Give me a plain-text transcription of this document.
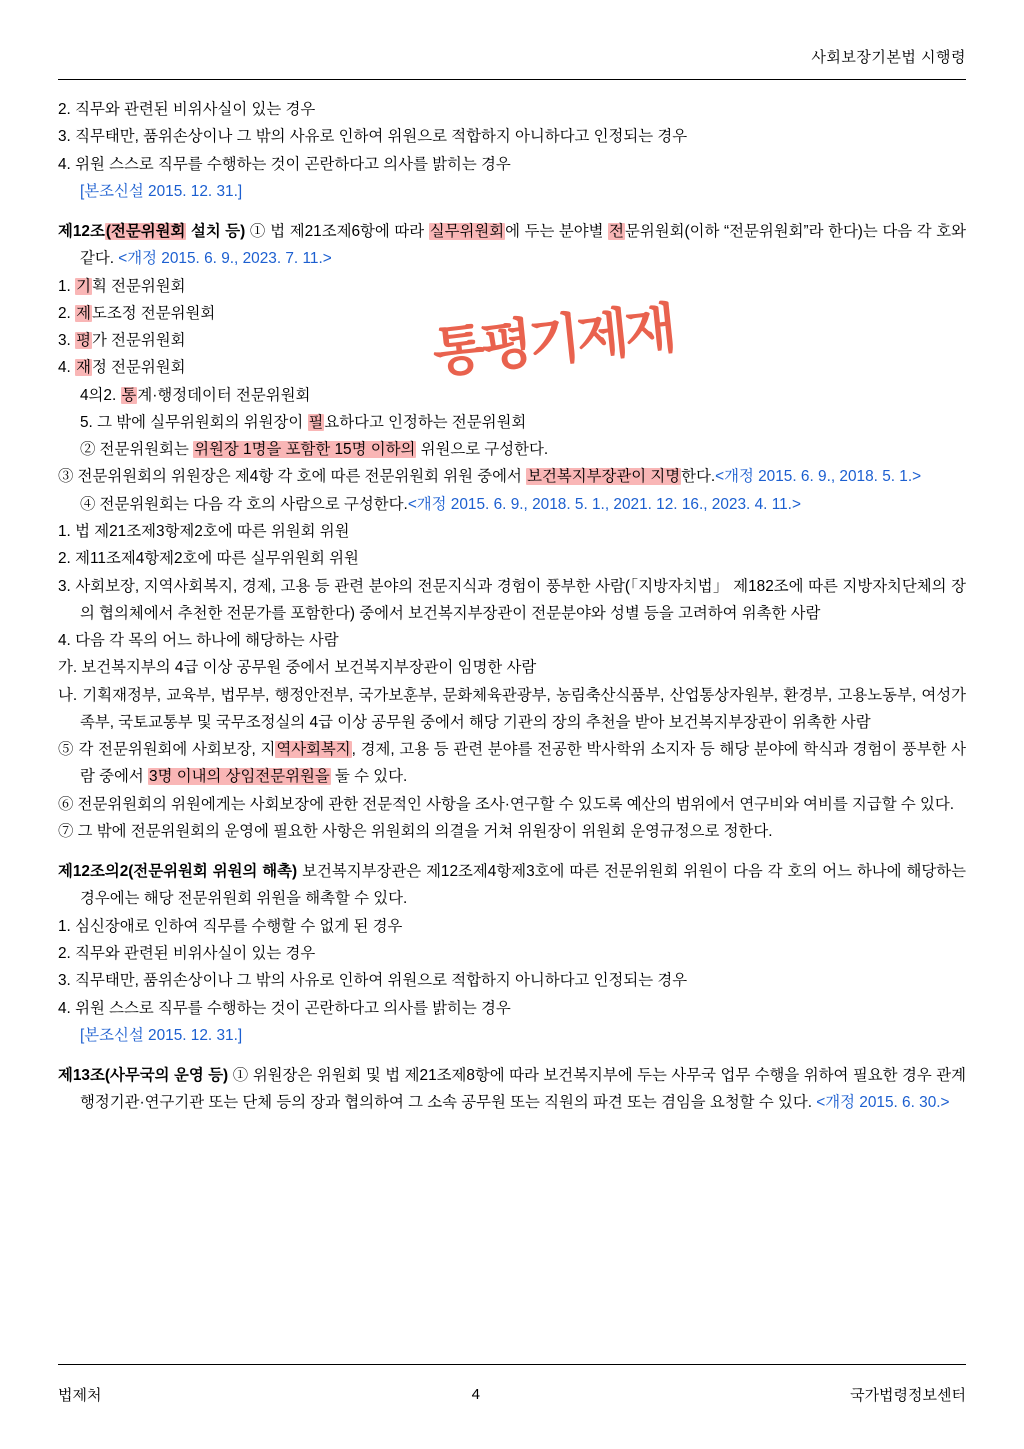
사회보장기본법 시행령
2. 직무와 관련된 비위사실이 있는 경우
3. 직무태만, 품위손상이나 그 밖의 사유로 인하여 위원으로 적합하지 아니하다고 인정되는 경우
4. 위원 스스로 직무를 수행하는 것이 곤란하다고 의사를 밝히는 경우
[본조신설 2015. 12. 31.]
제12조(전문위원회 설치 등) ① 법 제21조제6항에 따라 실무위원회에 두는 분야별 전문위원회(이하 “전문위원회”라 한다)는 다음 각 호와 같다. <개정 2015. 6. 9., 2023. 7. 11.>
1. 기획 전문위원회
2. 제도조정 전문위원회
3. 평가 전문위원회
4. 재정 전문위원회
4의2. 통계·행정데이터 전문위원회
5. 그 밖에 실무위원회의 위원장이 필요하다고 인정하는 전문위원회
② 전문위원회는 위원장 1명을 포함한 15명 이하의 위원으로 구성한다.
③ 전문위원회의 위원장은 제4항 각 호에 따른 전문위원회 위원 중에서 보건복지부장관이 지명한다.<개정 2015. 6. 9., 2018. 5. 1.>
④ 전문위원회는 다음 각 호의 사람으로 구성한다.<개정 2015. 6. 9., 2018. 5. 1., 2021. 12. 16., 2023. 4. 11.>
1. 법 제21조제3항제2호에 따른 위원회 위원
2. 제11조제4항제2호에 따른 실무위원회 위원
3. 사회보장, 지역사회복지, 경제, 고용 등 관련 분야의 전문지식과 경험이 풍부한 사람(「지방자치법」 제182조에 따른 지방자치단체의 장의 협의체에서 추천한 전문가를 포함한다) 중에서 보건복지부장관이 전문분야와 성별 등을 고려하여 위촉한 사람
4. 다음 각 목의 어느 하나에 해당하는 사람
가. 보건복지부의 4급 이상 공무원 중에서 보건복지부장관이 임명한 사람
나. 기획재정부, 교육부, 법무부, 행정안전부, 국가보훈부, 문화체육관광부, 농림축산식품부, 산업통상자원부, 환경부, 고용노동부, 여성가족부, 국토교통부 및 국무조정실의 4급 이상 공무원 중에서 해당 기관의 장의 추천을 받아 보건복지부장관이 위촉한 사람
⑤ 각 전문위원회에 사회보장, 지역사회복지, 경제, 고용 등 관련 분야를 전공한 박사학위 소지자 등 해당 분야에 학식과 경험이 풍부한 사람 중에서 3명 이내의 상임전문위원을 둘 수 있다.
⑥ 전문위원회의 위원에게는 사회보장에 관한 전문적인 사항을 조사·연구할 수 있도록 예산의 범위에서 연구비와 여비를 지급할 수 있다.
⑦ 그 밖에 전문위원회의 운영에 필요한 사항은 위원회의 의결을 거쳐 위원장이 위원회 운영규정으로 정한다.
제12조의2(전문위원회 위원의 해촉) 보건복지부장관은 제12조제4항제3호에 따른 전문위원회 위원이 다음 각 호의 어느 하나에 해당하는 경우에는 해당 전문위원회 위원을 해촉할 수 있다.
1. 심신장애로 인하여 직무를 수행할 수 없게 된 경우
2. 직무와 관련된 비위사실이 있는 경우
3. 직무태만, 품위손상이나 그 밖의 사유로 인하여 위원으로 적합하지 아니하다고 인정되는 경우
4. 위원 스스로 직무를 수행하는 것이 곤란하다고 의사를 밝히는 경우
[본조신설 2015. 12. 31.]
제13조(사무국의 운영 등) ① 위원장은 위원회 및 법 제21조제8항에 따라 보건복지부에 두는 사무국 업무 수행을 위하여 필요한 경우 관계 행정기관·연구기관 또는 단체 등의 장과 협의하여 그 소속 공무원 또는 직원의 파견 또는 겸임을 요청할 수 있다. <개정 2015. 6. 30.>
통평기제재
법제처	4	국가법령정보센터
